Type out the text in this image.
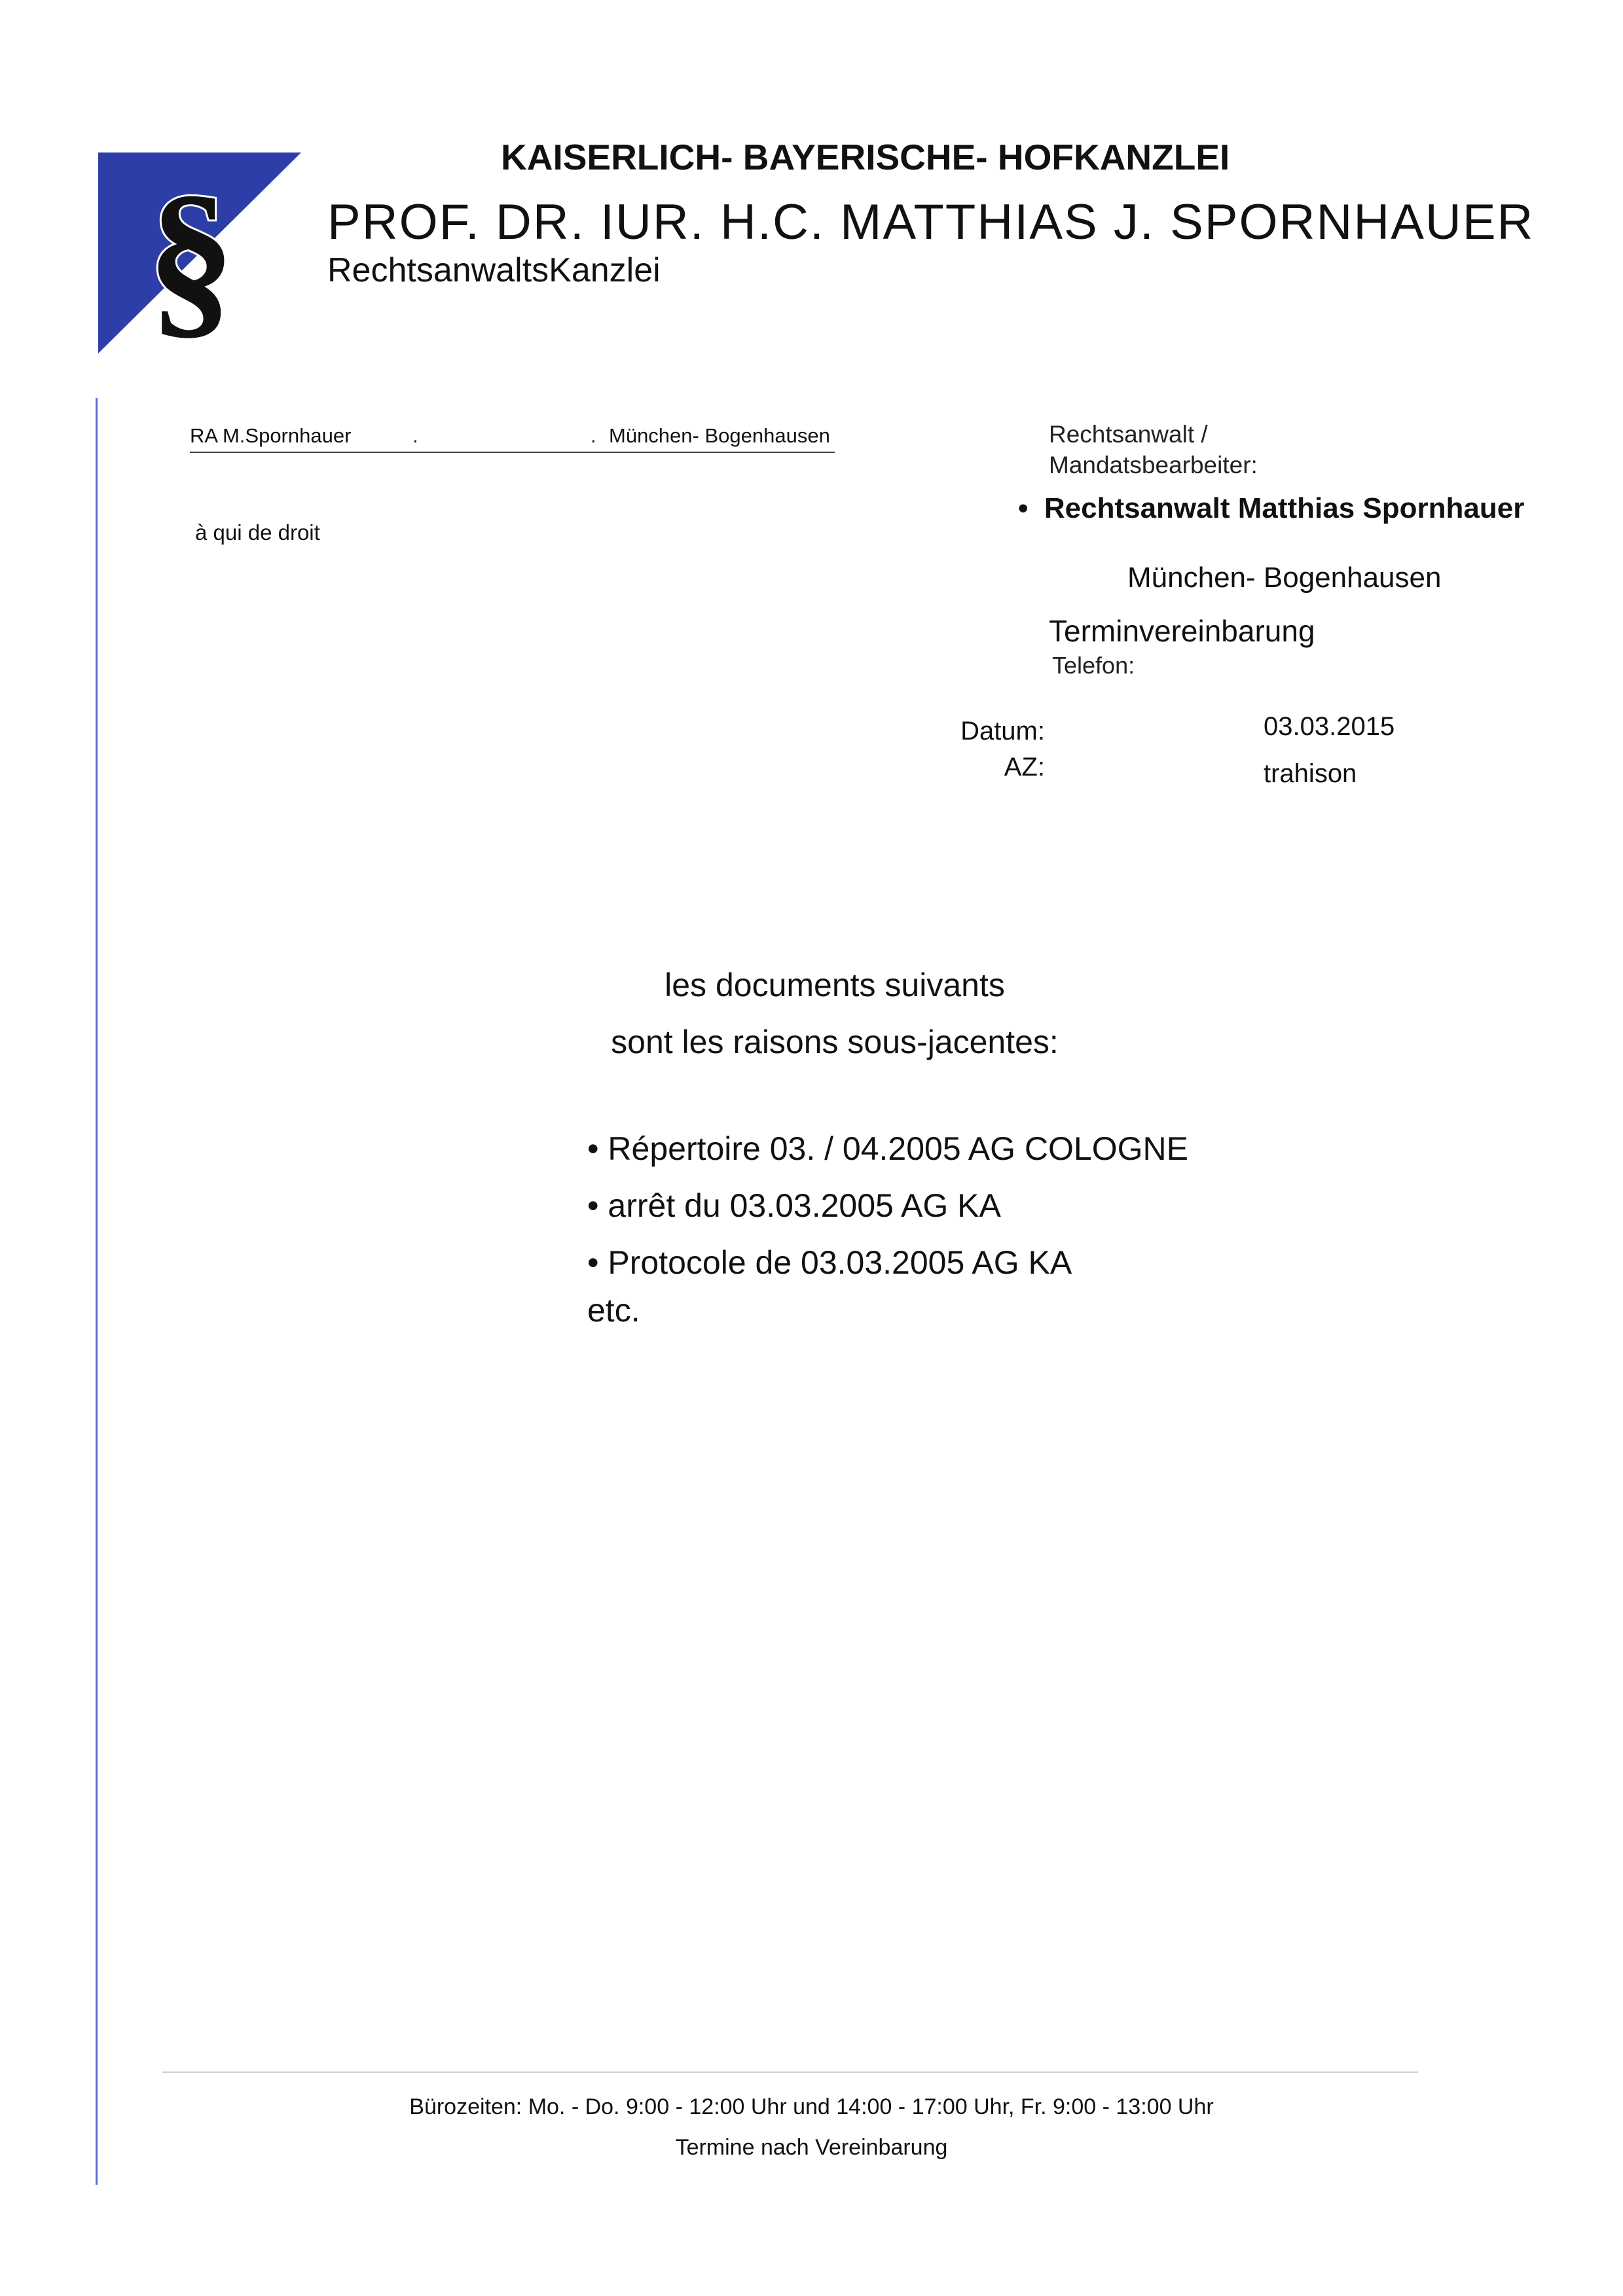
§
KAISERLICH- BAYERISCHE- HOFKANZLEI
PROF. DR. IUR. H.C. MATTHIAS J. SPORNHAUER
RechtsanwaltsKanzlei
RA M.Spornhauer	.	. München- Bogenhausen
à qui de droit
Rechtsanwalt /
Mandatsbearbeiter:
•  Rechtsanwalt Matthias Spornhauer
München- Bogenhausen
Terminvereinbarung
Telefon:
Datum:
AZ:
03.03.2015
trahison
les documents suivants
sont les raisons sous-jacentes:
• Répertoire 03. / 04.2005 AG COLOGNE
• arrêt du 03.03.2005 AG KA
• Protocole de 03.03.2005 AG KA
etc.
Bürozeiten: Mo. - Do. 9:00 - 12:00 Uhr und 14:00 - 17:00 Uhr, Fr. 9:00 - 13:00 Uhr
Termine nach Vereinbarung
